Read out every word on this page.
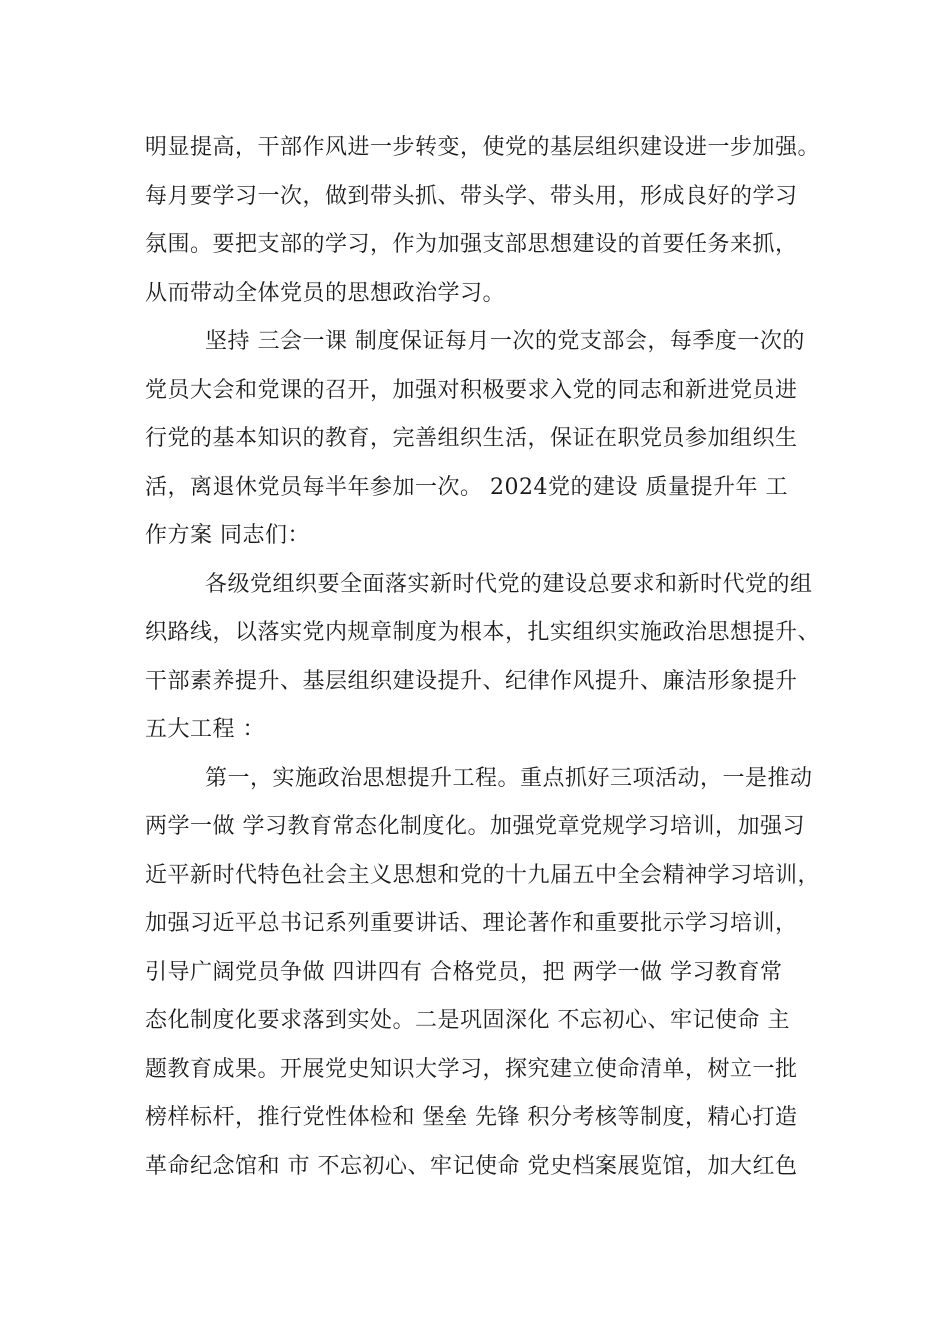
明显提高，干部作风进一步转变，使党的基层组织建设进一步加强。
每月要学习一次，做到带头抓、带头学、带头用，形成良好的学习
氛围。要把支部的学习，作为加强支部思想建设的首要任务来抓，
从而带动全体党员的思想政治学习。
坚持 三会一课 制度保证每月一次的党支部会，每季度一次的
党员大会和党课的召开，加强对积极要求入党的同志和新进党员进
行党的基本知识的教育，完善组织生活，保证在职党员参加组织生
活，离退休党员每半年参加一次。 2024党的建设 质量提升年 工
作方案 同志们：
各级党组织要全面落实新时代党的建设总要求和新时代党的组
织路线，以落实党内规章制度为根本，扎实组织实施政治思想提升、
干部素养提升、基层组织建设提升、纪律作风提升、廉洁形象提升
五大工程 ：
第一，实施政治思想提升工程。重点抓好三项活动，一是推动
两学一做 学习教育常态化制度化。加强党章党规学习培训，加强习
近平新时代特色社会主义思想和党的十九届五中全会精神学习培训，
加强习近平总书记系列重要讲话、理论著作和重要批示学习培训，
引导广阔党员争做 四讲四有 合格党员，把 两学一做 学习教育常
态化制度化要求落到实处。二是巩固深化 不忘初心、牢记使命 主
题教育成果。开展党史知识大学习，探究建立使命清单，树立一批
榜样标杆，推行党性体检和 堡垒 先锋 积分考核等制度，精心打造
革命纪念馆和 市 不忘初心、牢记使命 党史档案展览馆，加大红色
